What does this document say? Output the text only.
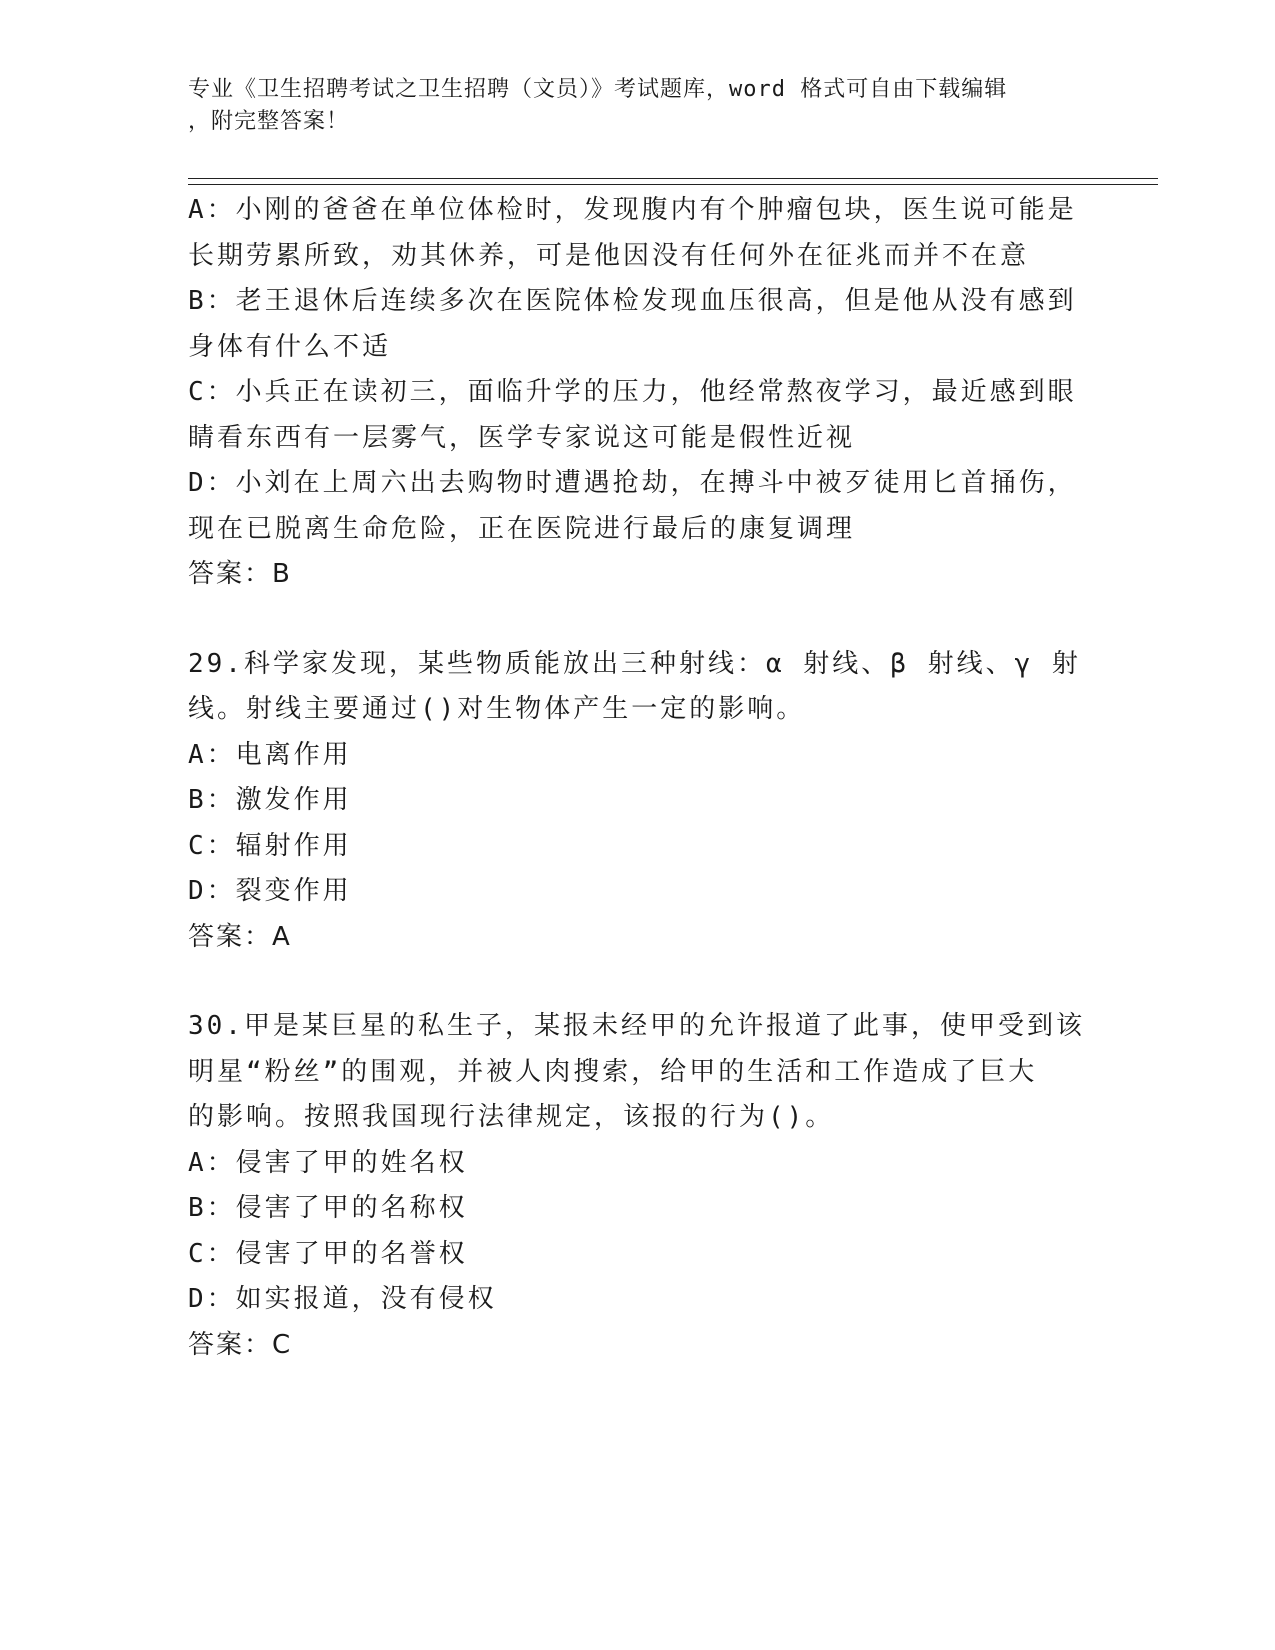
专业《卫生招聘考试之卫生招聘（文员）》考试题库，word 格式可自由下载编辑
，附完整答案！
A：小刚的爸爸在单位体检时，发现腹内有个肿瘤包块，医生说可能是
长期劳累所致，劝其休养，可是他因没有任何外在征兆而并不在意
B：老王退休后连续多次在医院体检发现血压很高，但是他从没有感到
身体有什么不适
C：小兵正在读初三，面临升学的压力，他经常熬夜学习，最近感到眼
睛看东西有一层雾气，医学专家说这可能是假性近视
D：小刘在上周六出去购物时遭遇抢劫，在搏斗中被歹徒用匕首捅伤，
现在已脱离生命危险，正在医院进行最后的康复调理
答案：B
29.科学家发现，某些物质能放出三种射线：α 射线、β 射线、γ 射
线。射线主要通过()对生物体产生一定的影响。
A：电离作用
B：激发作用
C：辐射作用
D：裂变作用
答案：A
30.甲是某巨星的私生子，某报未经甲的允许报道了此事，使甲受到该
明星“粉丝”的围观，并被人肉搜索，给甲的生活和工作造成了巨大
的影响。按照我国现行法律规定，该报的行为()。
A：侵害了甲的姓名权
B：侵害了甲的名称权
C：侵害了甲的名誉权
D：如实报道，没有侵权
答案：C
